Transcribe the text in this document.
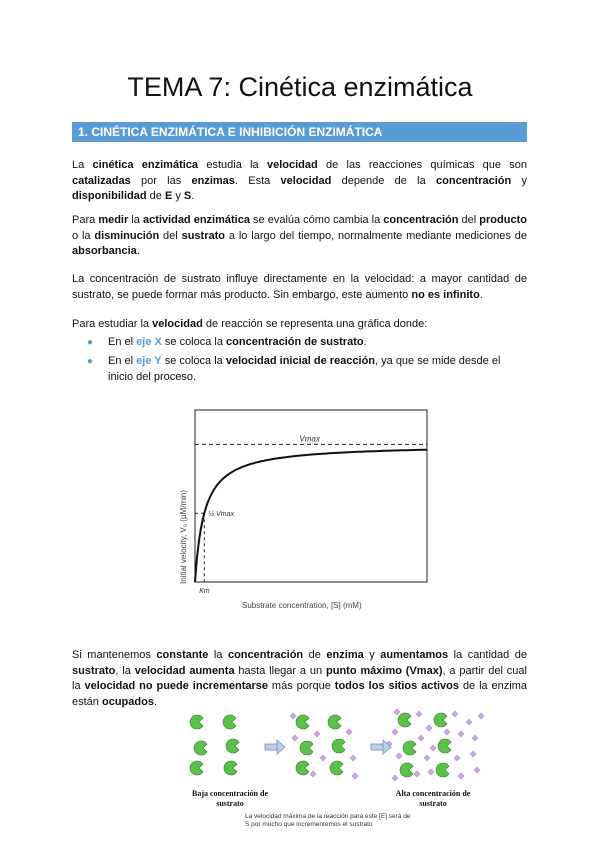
TEMA 7: Cinética enzimática
1. CINÉTICA ENZIMÁTICA E INHIBICIÓN ENZIMÁTICA
La cinética enzimática estudia la velocidad de las reacciones químicas que son catalizadas por las enzimas. Esta velocidad depende de la concentración y disponibilidad de E y S.
Para medir la actividad enzimática se evalúa cómo cambia la concentración del producto o la disminución del sustrato a lo largo del tiempo, normalmente mediante mediciones de absorbancia.
La concentración de sustrato influye directamente en la velocidad: a mayor cantidad de sustrato, se puede formar más producto. Sin embargo, este aumento no es infinito.
Para estudiar la velocidad de reacción se representa una gráfica donde:
● En el eje X se coloca la concentración de sustrato.
● En el eje Y se coloca la velocidad inicial de reacción, ya que se mide desde el inicio del proceso.
Vmax
½ Vmax
Km
Initial velocity, V₀ (μM/min)
Substrate concentration, [S] (mM)
Si mantenemos constante la concentración de enzima y aumentamos la cantidad de sustrato, la velocidad aumenta hasta llegar a un punto máximo (Vmax), a partir del cual la velocidad no puede incrementarse más porque todos los sitios activos de la enzima están ocupados.
Baja concentración de sustrato
Alta concentración de sustrato
La velocidad máxima de la reacción para este [E] será de S por mucho que incrementemos el sustrato
